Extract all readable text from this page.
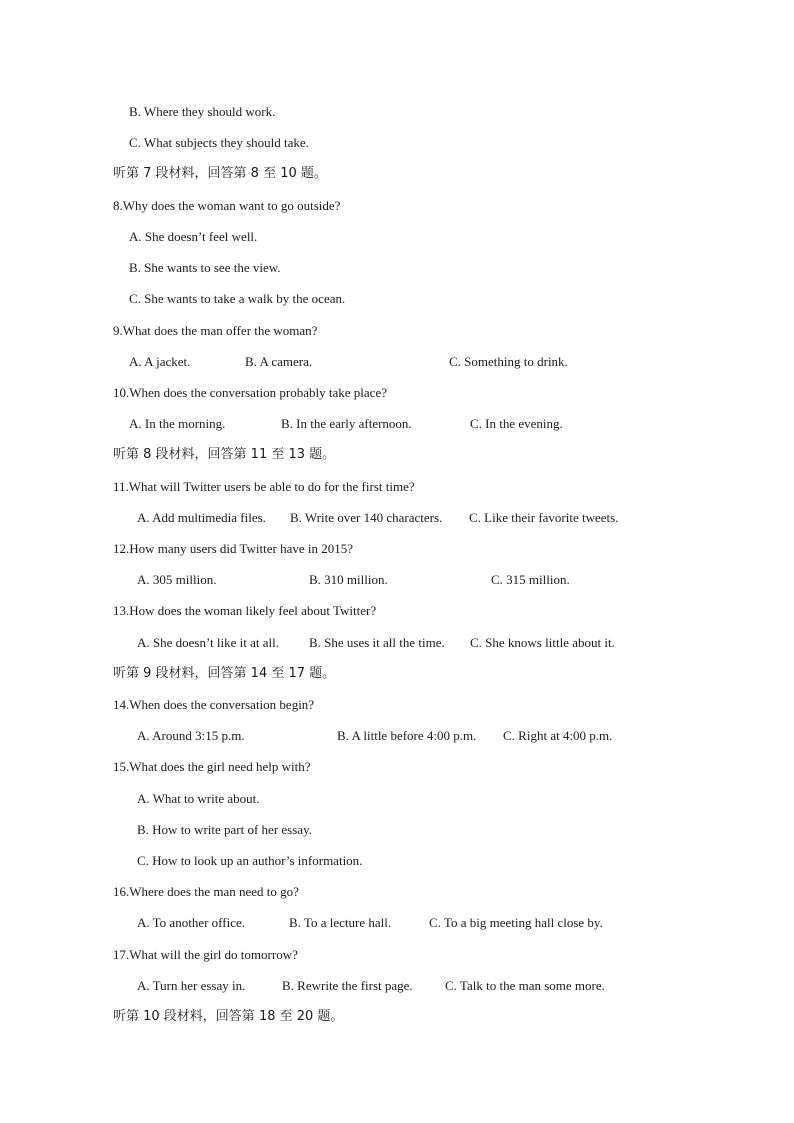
B. Where they should work.
C. What subjects they should take.
听第 7 段材料，回答第 8 至 10 题。
8.Why does the woman want to go outside?
A. She doesn’t feel well.
B. She wants to see the view.
C. She wants to take a walk by the ocean.
9.What does the man offer the woman?
A. A jacket.	B. A camera.	C. Something to drink.
10.When does the conversation probably take place?
A. In the morning.	B. In the early afternoon.	C. In the evening.
听第 8 段材料，回答第 11 至 13 题。
11.What will Twitter users be able to do for the first time?
A. Add multimedia files. B. Write over 140 characters. C. Like their favorite tweets.
12.How many users did Twitter have in 2015?
A. 305 million.	B. 310 million.	C. 315 million.
13.How does the woman likely feel about Twitter?
A. She doesn’t like it at all. B. She uses it all the time. C. She knows little about it.
听第 9 段材料，回答第 14 至 17 题。
14.When does the conversation begin?
A. Around 3:15 p.m.	B. A little before 4:00 p.m. C. Right at 4:00 p.m.
15.What does the girl need help with?
A. What to write about.
B. How to write part of her essay.
C. How to look up an author’s information.
16.Where does the man need to go?
A. To another office.	B. To a lecture hall.	C. To a big meeting hall close by.
17.What will the girl do tomorrow?
A. Turn her essay in.	B. Rewrite the first page. C. Talk to the man some more.
听第 10 段材料，回答第 18 至 20 题。
